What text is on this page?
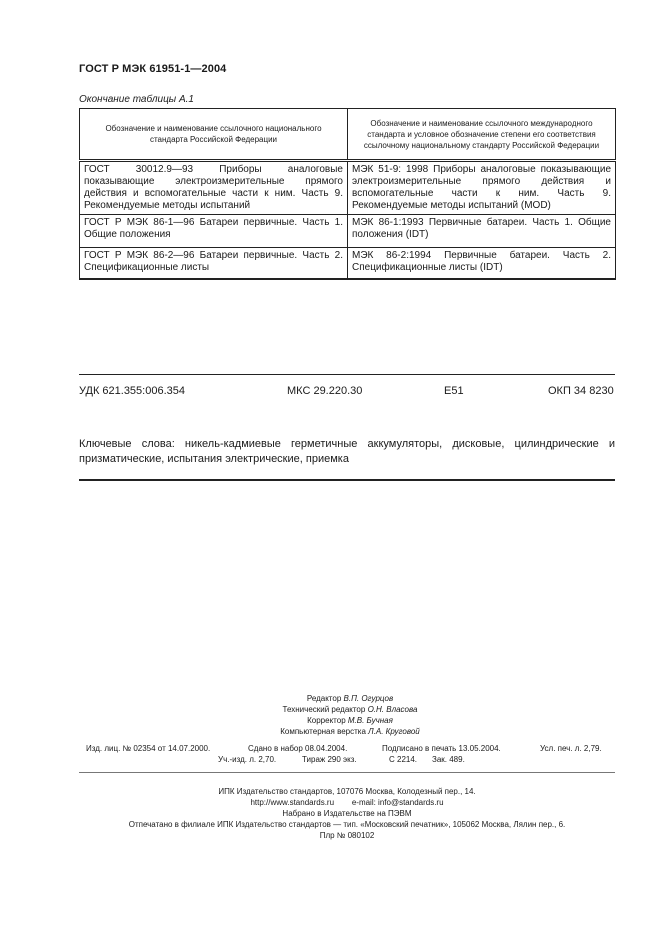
ГОСТ Р МЭК 61951-1—2004
Окончание таблицы А.1
Обозначение и наименование ссылочного национального стандарта Российской Федерации	Обозначение и наименование ссылочного международного стандарта и условное обозначение степени его соответствия ссылочному национальному стандарту Российской Федерации
ГОСТ 30012.9—93 Приборы аналоговые показывающие электроизмерительные прямого действия и вспомогательные части к ним. Часть 9. Рекомендуемые методы испытаний	МЭК 51-9: 1998 Приборы аналоговые показывающие электроизмерительные прямого действия и вспомогательные части к ним. Часть 9. Рекомендуемые методы испытаний (MOD)
ГОСТ Р МЭК 86-1—96 Батареи первичные. Часть 1. Общие положения	МЭК 86-1:1993 Первичные батареи. Часть 1. Общие положения (IDT)
ГОСТ Р МЭК 86-2—96 Батареи первичные. Часть 2. Спецификационные листы	МЭК 86-2:1994 Первичные батареи. Часть 2. Спецификационные листы (IDT)
УДК 621.355:006.354	МКС 29.220.30	Е51	ОКП 34 8230
Ключевые слова: никель-кадмиевые герметичные аккумуляторы, дисковые, цилиндрические и призматические, испытания электрические, приемка
Редактор В.П. Огурцов
Технический редактор О.Н. Власова
Корректор М.В. Бучная
Компьютерная верстка Л.А. Круговой
Изд. лиц. № 02354 от 14.07.2000.	Сдано в набор 08.04.2004.	Подписано в печать 13.05.2004.	Усл. печ. л. 2,79.
Уч.-изд. л. 2,70.	Тираж 290 экз.	С 2214. Зак. 489.
ИПК Издательство стандартов, 107076 Москва, Колодезный пер., 14.
http://www.standards.ru        e-mail: info@standards.ru
Набрано в Издательстве на ПЭВМ
Отпечатано в филиале ИПК Издательство стандартов — тип. «Московский печатник», 105062 Москва, Лялин пер., 6.
Плр № 080102
